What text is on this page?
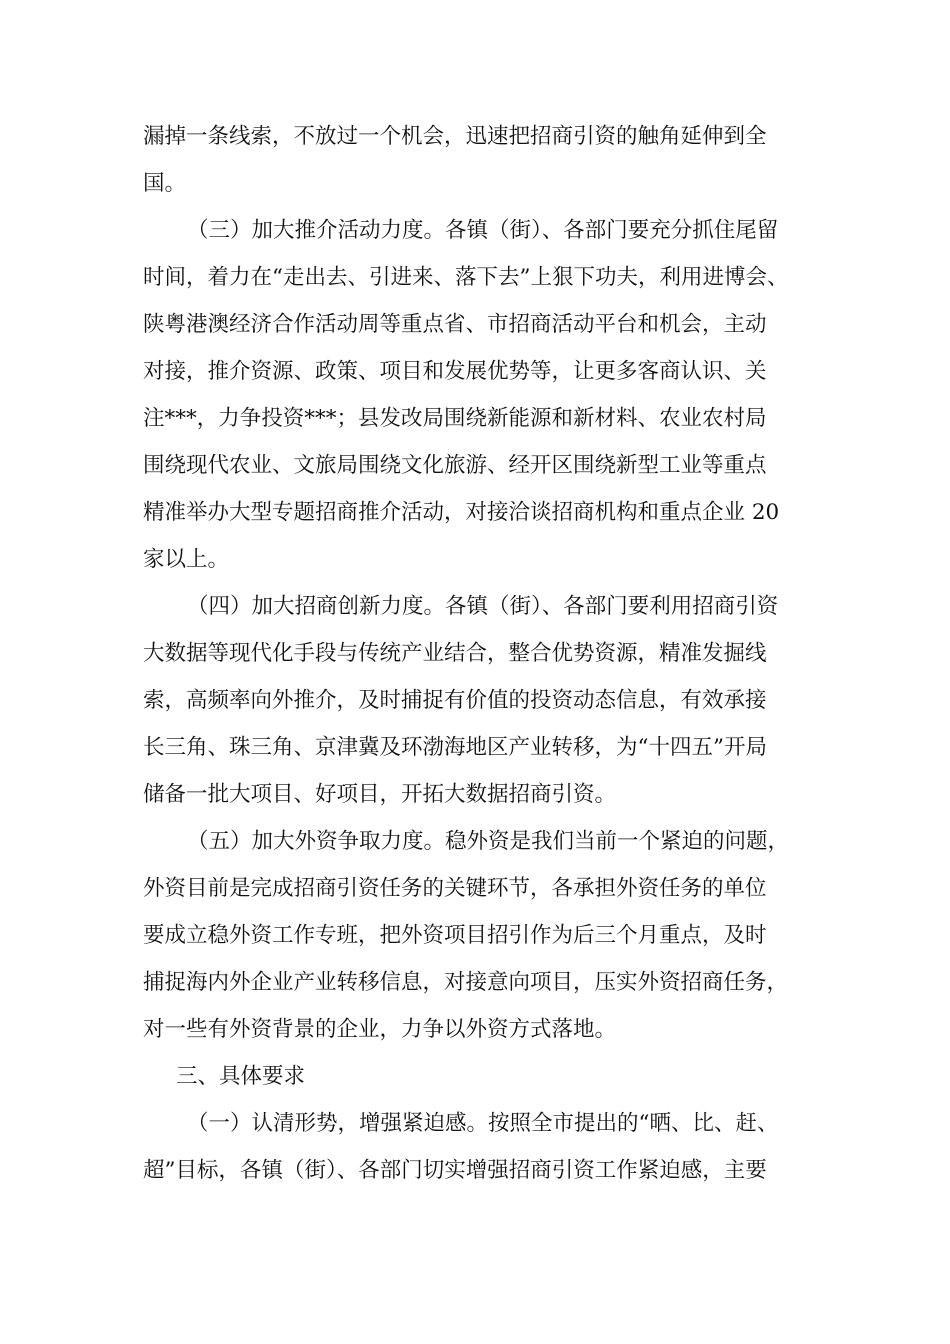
漏掉一条线索，不放过一个机会，迅速把招商引资的触角延伸到全
国。
（三）加大推介活动力度。各镇（街）、各部门要充分抓住尾留
时间，着力在“走出去、引进来、落下去”上狠下功夫，利用进博会、
陕粤港澳经济合作活动周等重点省、市招商活动平台和机会，主动
对接，推介资源、政策、项目和发展优势等，让更多客商认识、关
注***，力争投资***；县发改局围绕新能源和新材料、农业农村局
围绕现代农业、文旅局围绕文化旅游、经开区围绕新型工业等重点
精准举办大型专题招商推介活动，对接洽谈招商机构和重点企业 20
家以上。
（四）加大招商创新力度。各镇（街）、各部门要利用招商引资
大数据等现代化手段与传统产业结合，整合优势资源，精准发掘线
索，高频率向外推介，及时捕捉有价值的投资动态信息，有效承接
长三角、珠三角、京津冀及环渤海地区产业转移，为“十四五”开局
储备一批大项目、好项目，开拓大数据招商引资。
（五）加大外资争取力度。稳外资是我们当前一个紧迫的问题，
外资目前是完成招商引资任务的关键环节，各承担外资任务的单位
要成立稳外资工作专班，把外资项目招引作为后三个月重点，及时
捕捉海内外企业产业转移信息，对接意向项目，压实外资招商任务，
对一些有外资背景的企业，力争以外资方式落地。
三、具体要求
（一）认清形势，增强紧迫感。按照全市提出的“晒、比、赶、
超”目标，各镇（街）、各部门切实增强招商引资工作紧迫感，主要
